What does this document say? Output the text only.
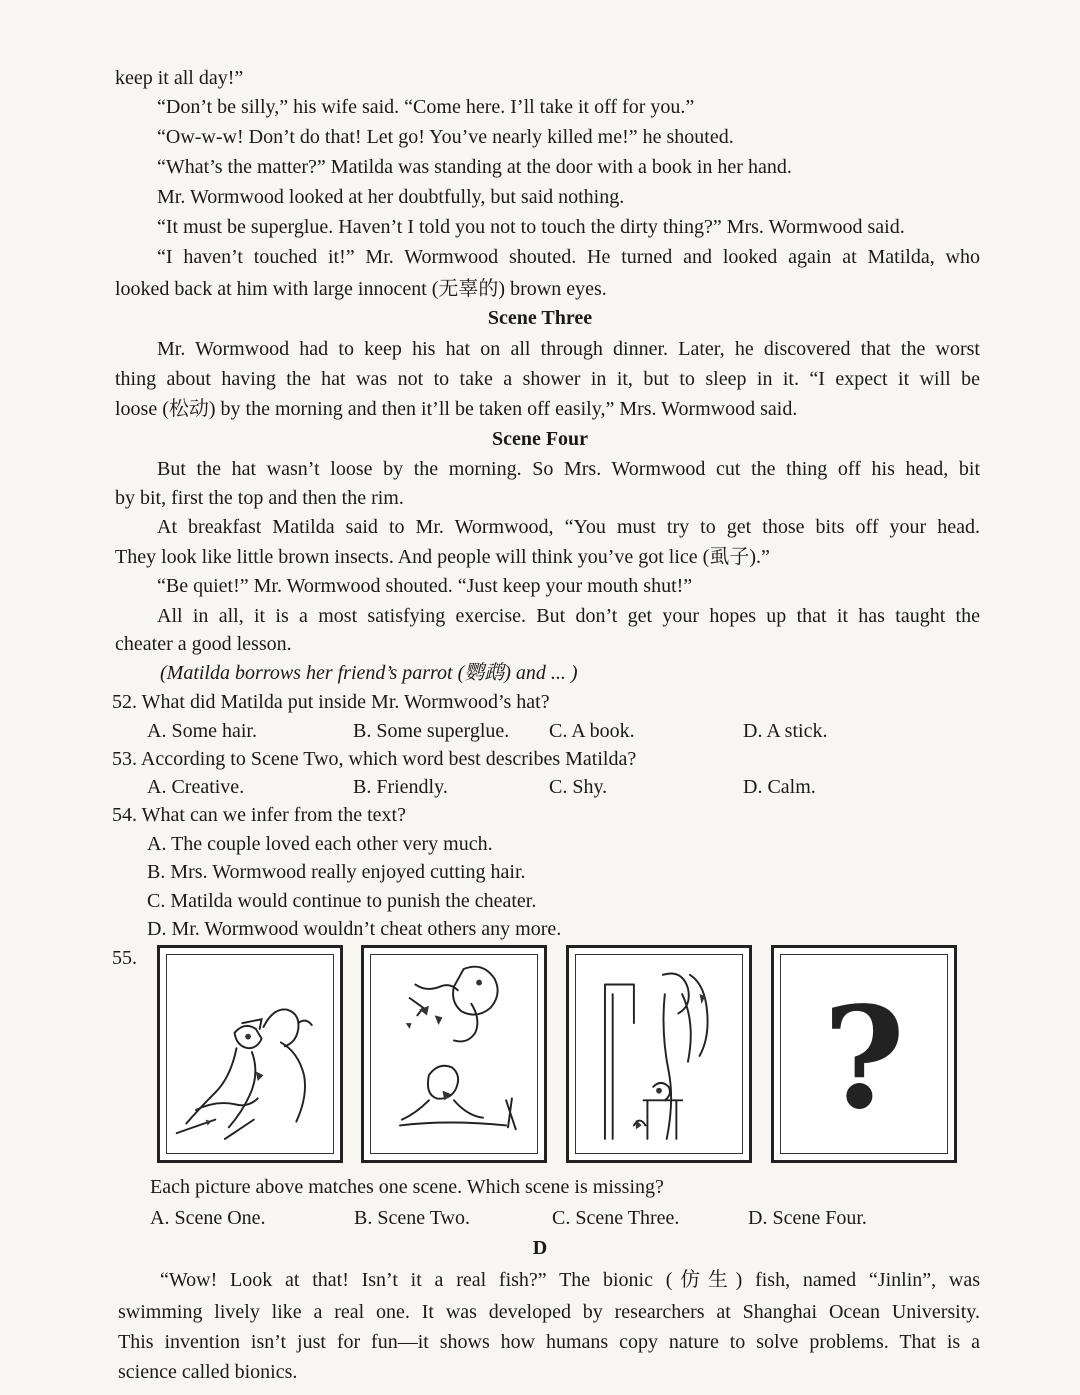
keep it all day!”
“Don’t be silly,” his wife said. “Come here. I’ll take it off for you.”
“Ow-w-w! Don’t do that! Let go! You’ve nearly killed me!” he shouted.
“What’s the matter?” Matilda was standing at the door with a book in her hand.
Mr. Wormwood looked at her doubtfully, but said nothing.
“It must be superglue. Haven’t I told you not to touch the dirty thing?” Mrs. Wormwood said.
“I haven’t touched it!” Mr. Wormwood shouted. He turned and looked again at Matilda, who
looked back at him with large innocent (无辜的) brown eyes.
Scene Three
Mr. Wormwood had to keep his hat on all through dinner. Later, he discovered that the worst
thing about having the hat was not to take a shower in it, but to sleep in it. “I expect it will be
loose (松动) by the morning and then it’ll be taken off easily,” Mrs. Wormwood said.
Scene Four
But the hat wasn’t loose by the morning. So Mrs. Wormwood cut the thing off his head, bit
by bit, first the top and then the rim.
At breakfast Matilda said to Mr. Wormwood, “You must try to get those bits off your head.
They look like little brown insects. And people will think you’ve got lice (虱子).”
“Be quiet!” Mr. Wormwood shouted. “Just keep your mouth shut!”
All in all, it is a most satisfying exercise. But don’t get your hopes up that it has taught the
cheater a good lesson.
(Matilda borrows her friend’s parrot (鹦鹉) and ... )
52. What did Matilda put inside Mr. Wormwood’s hat?
A. Some hair.	B. Some superglue. C. A book.	D. A stick.
53. According to Scene Two, which word best describes Matilda?
A. Creative.	B. Friendly.	C. Shy.	D. Calm.
54. What can we infer from the text?
A. The couple loved each other very much.
B. Mrs. Wormwood really enjoyed cutting hair.
C. Matilda would continue to punish the cheater.
D. Mr. Wormwood wouldn’t cheat others any more.
55.
?
Each picture above matches one scene. Which scene is missing?
A. Scene One.	B. Scene Two.	C. Scene Three.	D. Scene Four.
D
“Wow! Look at that! Isn’t it a real fish?” The bionic (仿生) fish, named “Jinlin”, was
swimming lively like a real one. It was developed by researchers at Shanghai Ocean University.
This invention isn’t just for fun—it shows how humans copy nature to solve problems. That is a
science called bionics.
